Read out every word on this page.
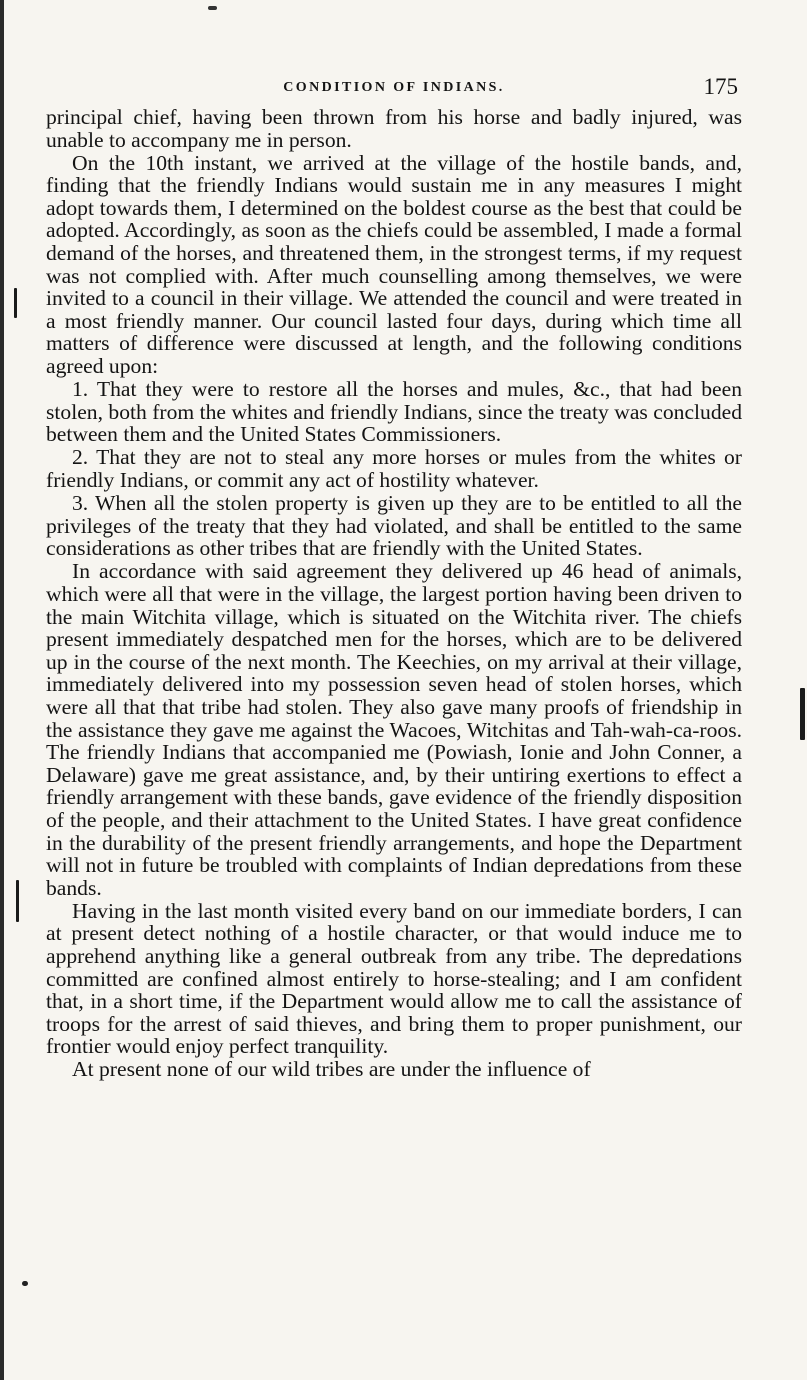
CONDITION OF INDIANS.	175

principal chief, having been thrown from his horse and badly injured, was unable to accompany me in person.

On the 10th instant, we arrived at the village of the hostile bands, and, finding that the friendly Indians would sustain me in any measures I might adopt towards them, I determined on the boldest course as the best that could be adopted. Accordingly, as soon as the chiefs could be assembled, I made a formal demand of the horses, and threatened them, in the strongest terms, if my request was not complied with. After much counselling among themselves, we were invited to a council in their village. We attended the council and were treated in a most friendly manner. Our council lasted four days, during which time all matters of difference were discussed at length, and the following conditions agreed upon:

1. That they were to restore all the horses and mules, &c., that had been stolen, both from the whites and friendly Indians, since the treaty was concluded between them and the United States Commissioners.

2. That they are not to steal any more horses or mules from the whites or friendly Indians, or commit any act of hostility whatever.

3. When all the stolen property is given up they are to be entitled to all the privileges of the treaty that they had violated, and shall be entitled to the same considerations as other tribes that are friendly with the United States.

In accordance with said agreement they delivered up 46 head of animals, which were all that were in the village, the largest portion having been driven to the main Witchita village, which is situated on the Witchita river. The chiefs present immediately despatched men for the horses, which are to be delivered up in the course of the next month. The Keechies, on my arrival at their village, immediately delivered into my possession seven head of stolen horses, which were all that that tribe had stolen. They also gave many proofs of friendship in the assistance they gave me against the Wacoes, Witchitas and Tah-wah-ca-roos. The friendly Indians that accompanied me (Powiash, Ionie and John Conner, a Delaware) gave me great assistance, and, by their untiring exertions to effect a friendly arrangement with these bands, gave evidence of the friendly disposition of the people, and their attachment to the United States. I have great confidence in the durability of the present friendly arrangements, and hope the Department will not in future be troubled with complaints of Indian depredations from these bands.

Having in the last month visited every band on our immediate borders, I can at present detect nothing of a hostile character, or that would induce me to apprehend anything like a general outbreak from any tribe. The depredations committed are confined almost entirely to horse-stealing; and I am confident that, in a short time, if the Department would allow me to call the assistance of troops for the arrest of said thieves, and bring them to proper punishment, our frontier would enjoy perfect tranquility.

At present none of our wild tribes are under the influence of
